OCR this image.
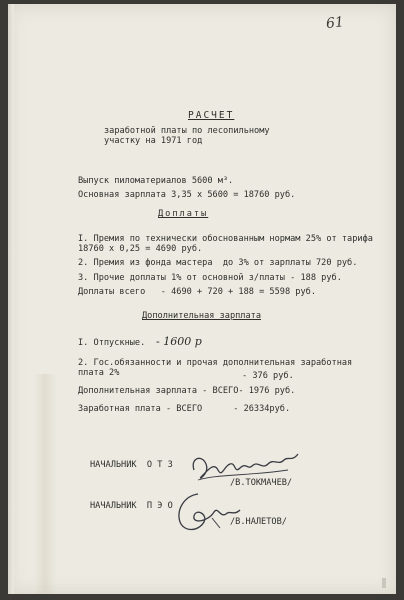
61
РАСЧЕТ
заработной платы по лесопильному
участку на 1971 год
Выпуск пиломатериалов 5600 м³.
Основная зарплата 3,35 х 5600 = 18760 руб.
Доплаты
I. Премия по технически обоснованным нормам 25% от тарифа
18760 х 0,25 = 4690 руб.
2. Премия из фонда мастера  до 3% от зарплаты 720 руб.
3. Прочие доплаты 1% от основной з/платы - 188 руб.
Доплаты всего   - 4690 + 720 + 188 = 5598 руб.
Дополнительная зарплата
I. Отпускные. - 1600 р
2. Гос.обязанности и прочая дополнительная заработная
плата 2%	- 376 руб.
Дополнительная зарплата - ВСЕГО- 1976 руб.
Заработная плата - ВСЕГО      - 26334руб.
НАЧАЛЬНИК  О Т З
/В.ТОКМАЧЕВ/
НАЧАЛЬНИК  П Э О
/В.НАЛЕТОВ/
